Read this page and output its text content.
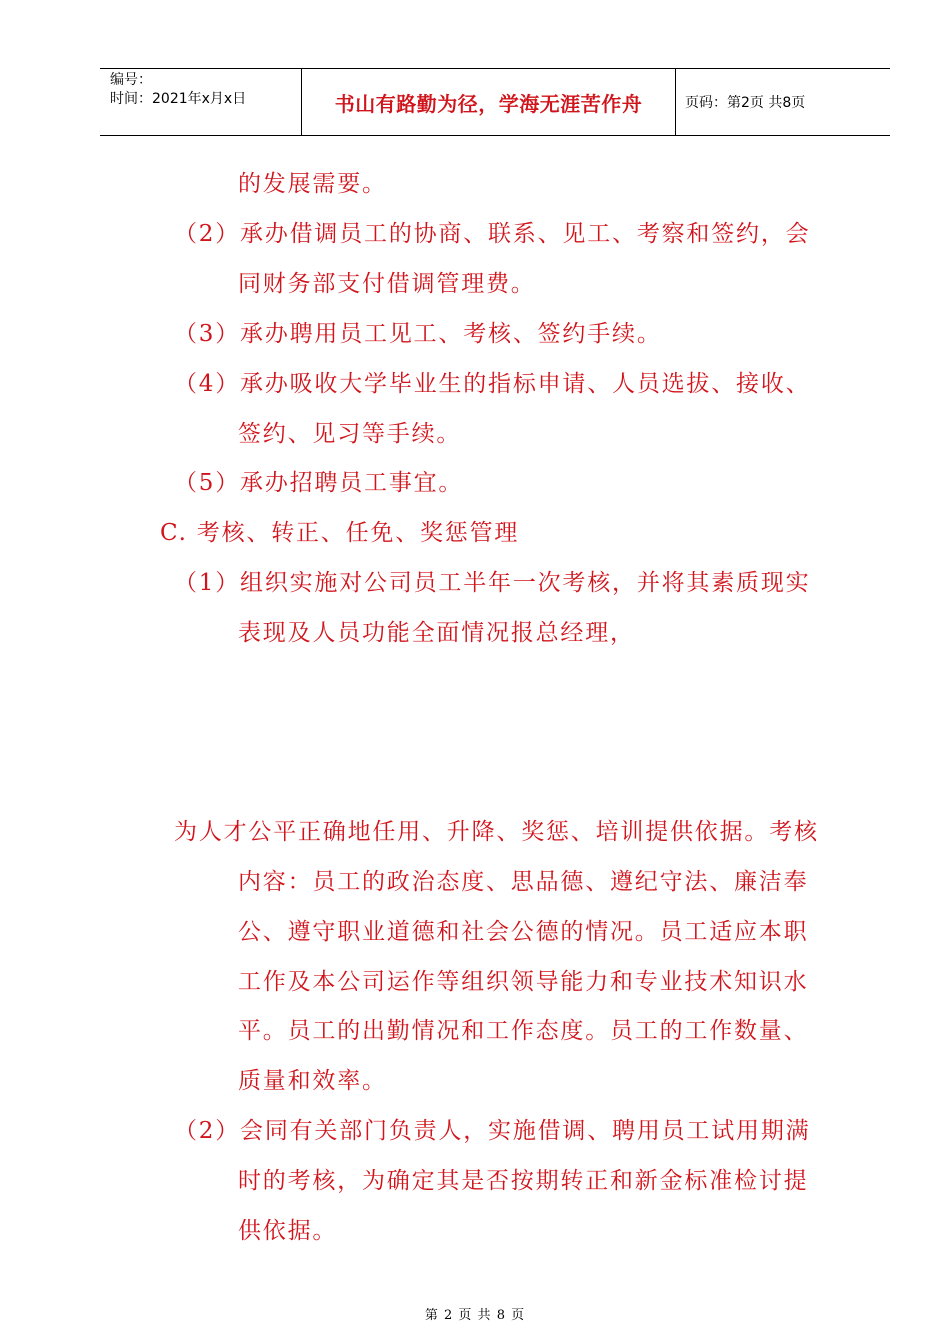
编号：
时间：2021年x月x日	书山有路勤为径，学海无涯苦作舟	页码：第2页 共8页
的发展需要。
（2）承办借调员工的协商、联系、见工、考察和签约，会
同财务部支付借调管理费。
（3）承办聘用员工见工、考核、签约手续。
（4）承办吸收大学毕业生的指标申请、人员选拔、接收、
签约、见习等手续。
（5）承办招聘员工事宜。
C. 考核、转正、任免、奖惩管理
（1）组织实施对公司员工半年一次考核，并将其素质现实
表现及人员功能全面情况报总经理，
为人才公平正确地任用、升降、奖惩、培训提供依据。考核
内容：员工的政治态度、思品德、遵纪守法、廉洁奉
公、遵守职业道德和社会公德的情况。员工适应本职
工作及本公司运作等组织领导能力和专业技术知识水
平。员工的出勤情况和工作态度。员工的工作数量、
质量和效率。
（2）会同有关部门负责人，实施借调、聘用员工试用期满
时的考核，为确定其是否按期转正和新金标准检讨提
供依据。
第 2 页 共 8 页
